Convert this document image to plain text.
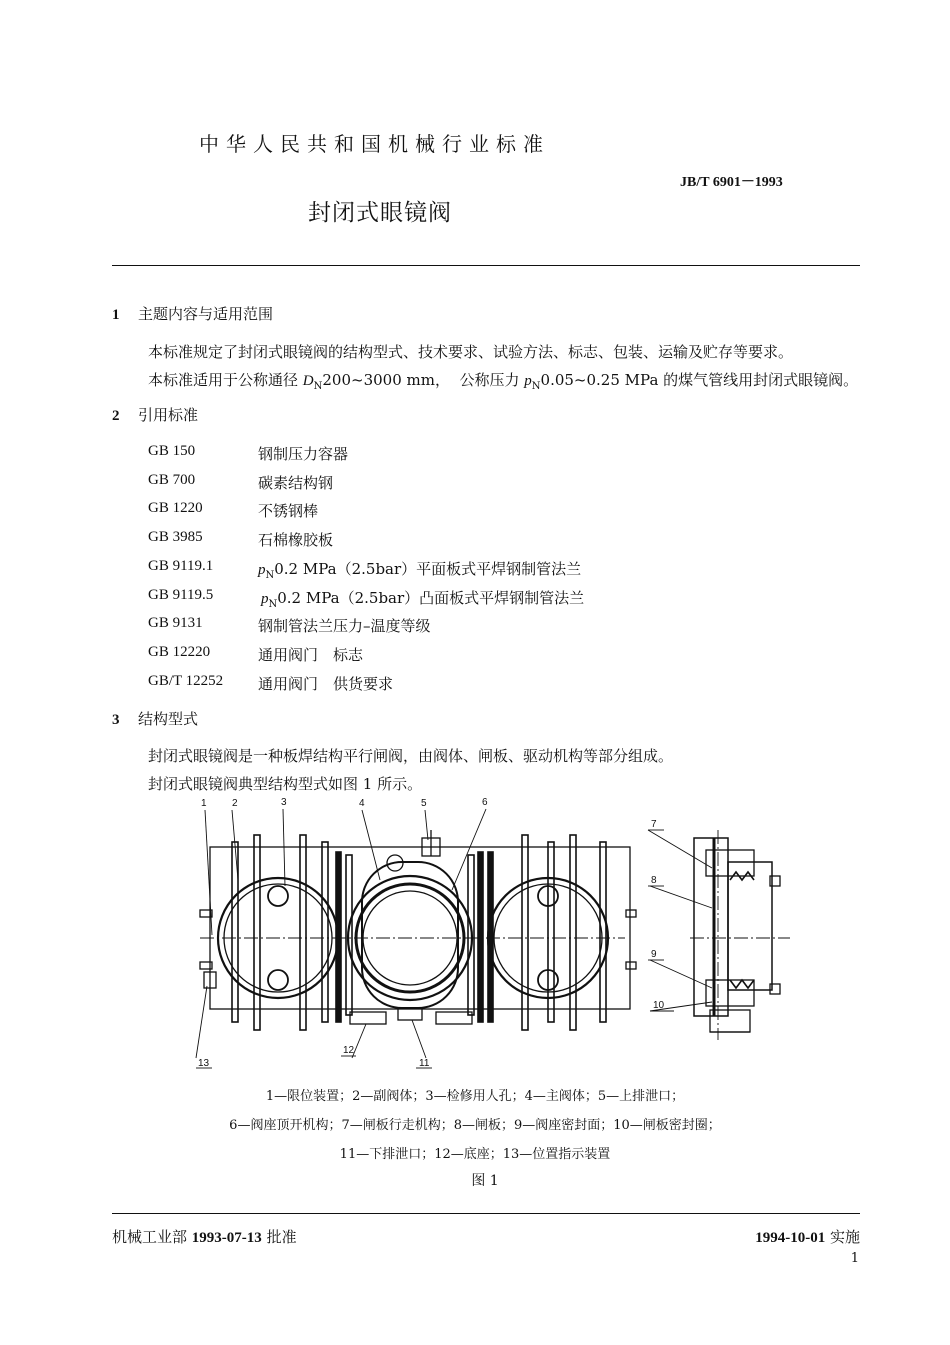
中华人民共和国机械行业标准
JB/T 6901－1993
封闭式眼镜阀
1 主题内容与适用范围
本标准规定了封闭式眼镜阀的结构型式、技术要求、试验方法、标志、包装、运输及贮存等要求。
本标准适用于公称通径 $D_N200\sim 3000$ mm，  公称压力 $p_N0.05\sim 0.25$ MPa 的煤气管线用封闭式眼镜阀。
2 引用标准
GB 150	钢制压力容器
GB 700	碳素结构钢
GB 1220	不锈钢棒
GB 3985	石棉橡胶板
GB 9119.1	$p_N0.2$ MPa（2.5bar）平面板式平焊钢制管法兰
GB 9119.5	$p_N0.2$ MPa（2.5bar）凸面板式平焊钢制管法兰
GB 9131	钢制管法兰压力–温度等级
GB 12220	通用阀门　标志
GB/T 12252 通用阀门　供货要求
3 结构型式
封闭式眼镜阀是一种板焊结构平行闸阀，由阀体、闸板、驱动机构等部分组成。
封闭式眼镜阀典型结构型式如图 1 所示。
1	2	3	4	5	6
7
8
9
10
11
12
13
1—限位装置；2—副阀体；3—检修用人孔；4—主阀体；5—上排泄口；
6—阀座顶开机构；7—闸板行走机构；8—闸板；9—阀座密封面；10—闸板密封圈；
11—下排泄口；12—底座；13—位置指示装置
图 1
机械工业部 1993-07-13 批准	1994-10-01 实施
1
